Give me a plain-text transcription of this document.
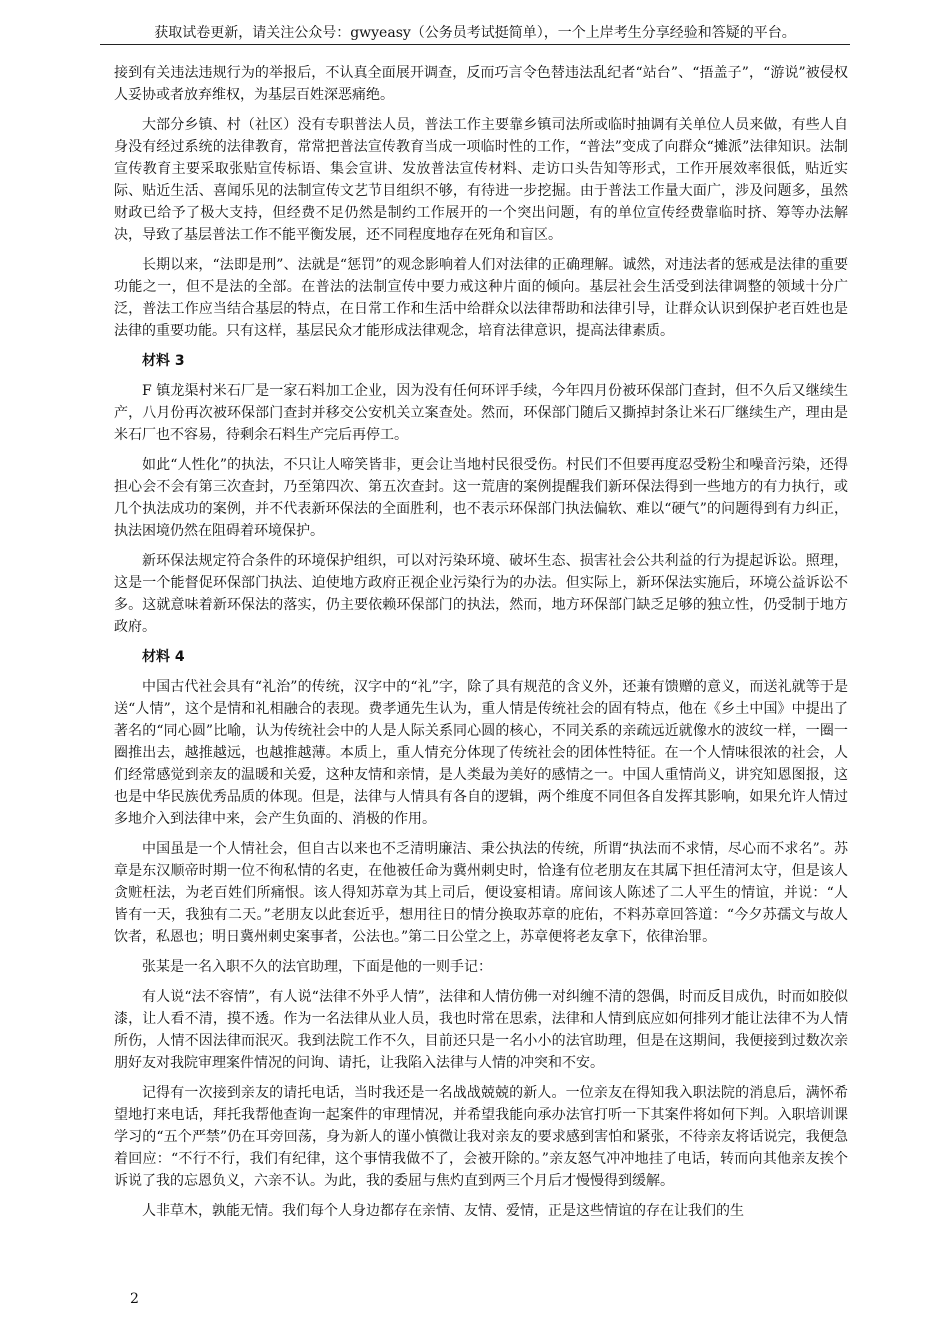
获取试卷更新，请关注公众号：gwyeasy（公务员考试挺简单），一个上岸考生分享经验和答疑的平台。

接到有关违法违规行为的举报后，不认真全面展开调查，反而巧言令色替违法乱纪者“站台”、“捂盖子”，“游说”被侵权人妥协或者放弃维权，为基层百姓深恶痛绝。

大部分乡镇、村（社区）没有专职普法人员，普法工作主要靠乡镇司法所或临时抽调有关单位人员来做，有些人自身没有经过系统的法律教育，常常把普法宣传教育当成一项临时性的工作，“普法”变成了向群众“摊派”法律知识。法制宣传教育主要采取张贴宣传标语、集会宣讲、发放普法宣传材料、走访口头告知等形式，工作开展效率很低，贴近实际、贴近生活、喜闻乐见的法制宣传文艺节目组织不够，有待进一步挖掘。由于普法工作量大面广，涉及问题多，虽然财政已给予了极大支持，但经费不足仍然是制约工作展开的一个突出问题，有的单位宣传经费靠临时挤、筹等办法解决，导致了基层普法工作不能平衡发展，还不同程度地存在死角和盲区。

长期以来，“法即是刑”、法就是“惩罚”的观念影响着人们对法律的正确理解。诚然，对违法者的惩戒是法律的重要功能之一，但不是法的全部。在普法的法制宣传中要力戒这种片面的倾向。基层社会生活受到法律调整的领域十分广泛，普法工作应当结合基层的特点，在日常工作和生活中给群众以法律帮助和法律引导，让群众认识到保护老百姓也是法律的重要功能。只有这样，基层民众才能形成法律观念，培育法律意识，提高法律素质。

材料 3

F 镇龙渠村米石厂是一家石料加工企业，因为没有任何环评手续，今年四月份被环保部门查封，但不久后又继续生产，八月份再次被环保部门查封并移交公安机关立案查处。然而，环保部门随后又撕掉封条让米石厂继续生产，理由是米石厂也不容易，待剩余石料生产完后再停工。

如此“人性化”的执法，不只让人啼笑皆非，更会让当地村民很受伤。村民们不但要再度忍受粉尘和噪音污染，还得担心会不会有第三次查封，乃至第四次、第五次查封。这一荒唐的案例提醒我们新环保法得到一些地方的有力执行，或几个执法成功的案例，并不代表新环保法的全面胜利，也不表示环保部门执法偏软、难以“硬气”的问题得到有力纠正，执法困境仍然在阻碍着环境保护。

新环保法规定符合条件的环境保护组织，可以对污染环境、破坏生态、损害社会公共利益的行为提起诉讼。照理，这是一个能督促环保部门执法、迫使地方政府正视企业污染行为的办法。但实际上，新环保法实施后，环境公益诉讼不多。这就意味着新环保法的落实，仍主要依赖环保部门的执法，然而，地方环保部门缺乏足够的独立性，仍受制于地方政府。

材料 4

中国古代社会具有“礼治”的传统，汉字中的“礼”字，除了具有规范的含义外，还兼有馈赠的意义，而送礼就等于是送“人情”，这个是情和礼相融合的表现。费孝通先生认为，重人情是传统社会的固有特点，他在《乡土中国》中提出了著名的“同心圆”比喻，认为传统社会中的人是人际关系同心圆的核心，不同关系的亲疏远近就像水的波纹一样，一圈一圈推出去，越推越远，也越推越薄。本质上，重人情充分体现了传统社会的团体性特征。在一个人情味很浓的社会，人们经常感觉到亲友的温暖和关爱，这种友情和亲情，是人类最为美好的感情之一。中国人重情尚义，讲究知恩图报，这也是中华民族优秀品质的体现。但是，法律与人情具有各自的逻辑，两个维度不同但各自发挥其影响，如果允许人情过多地介入到法律中来，会产生负面的、消极的作用。

中国虽是一个人情社会，但自古以来也不乏清明廉洁、秉公执法的传统，所谓“执法而不求情，尽心而不求名”。苏章是东汉顺帝时期一位不徇私情的名吏，在他被任命为冀州刺史时，恰逢有位老朋友在其属下担任清河太守，但是该人贪赃枉法，为老百姓们所痛恨。该人得知苏章为其上司后，便设宴相请。席间该人陈述了二人平生的情谊，并说：“人皆有一天，我独有二天。”老朋友以此套近乎，想用往日的情分换取苏章的庇佑，不料苏章回答道：“今夕苏孺文与故人饮者，私恩也；明日冀州刺史案事者，公法也。”第二日公堂之上，苏章便将老友拿下，依律治罪。

张某是一名入职不久的法官助理，下面是他的一则手记：

有人说“法不容情”，有人说“法律不外乎人情”，法律和人情仿佛一对纠缠不清的怨偶，时而反目成仇，时而如胶似漆，让人看不清，摸不透。作为一名法律从业人员，我也时常在思索，法律和人情到底应如何排列才能让法律不为人情所伤，人情不因法律而泯灭。我到法院工作不久，目前还只是一名小小的法官助理，但是在这期间，我便接到过数次亲朋好友对我院审理案件情况的问询、请托，让我陷入法律与人情的冲突和不安。

记得有一次接到亲友的请托电话，当时我还是一名战战兢兢的新人。一位亲友在得知我入职法院的消息后，满怀希望地打来电话，拜托我帮他查询一起案件的审理情况，并希望我能向承办法官打听一下其案件将如何下判。入职培训课学习的“五个严禁”仍在耳旁回荡，身为新人的谨小慎微让我对亲友的要求感到害怕和紧张，不待亲友将话说完，我便急着回应：“不行不行，我们有纪律，这个事情我做不了，会被开除的。”亲友怒气冲冲地挂了电话，转而向其他亲友挨个诉说了我的忘恩负义，六亲不认。为此，我的委屈与焦灼直到两三个月后才慢慢得到缓解。

人非草木，孰能无情。我们每个人身边都存在亲情、友情、爱情，正是这些情谊的存在让我们的生

2
